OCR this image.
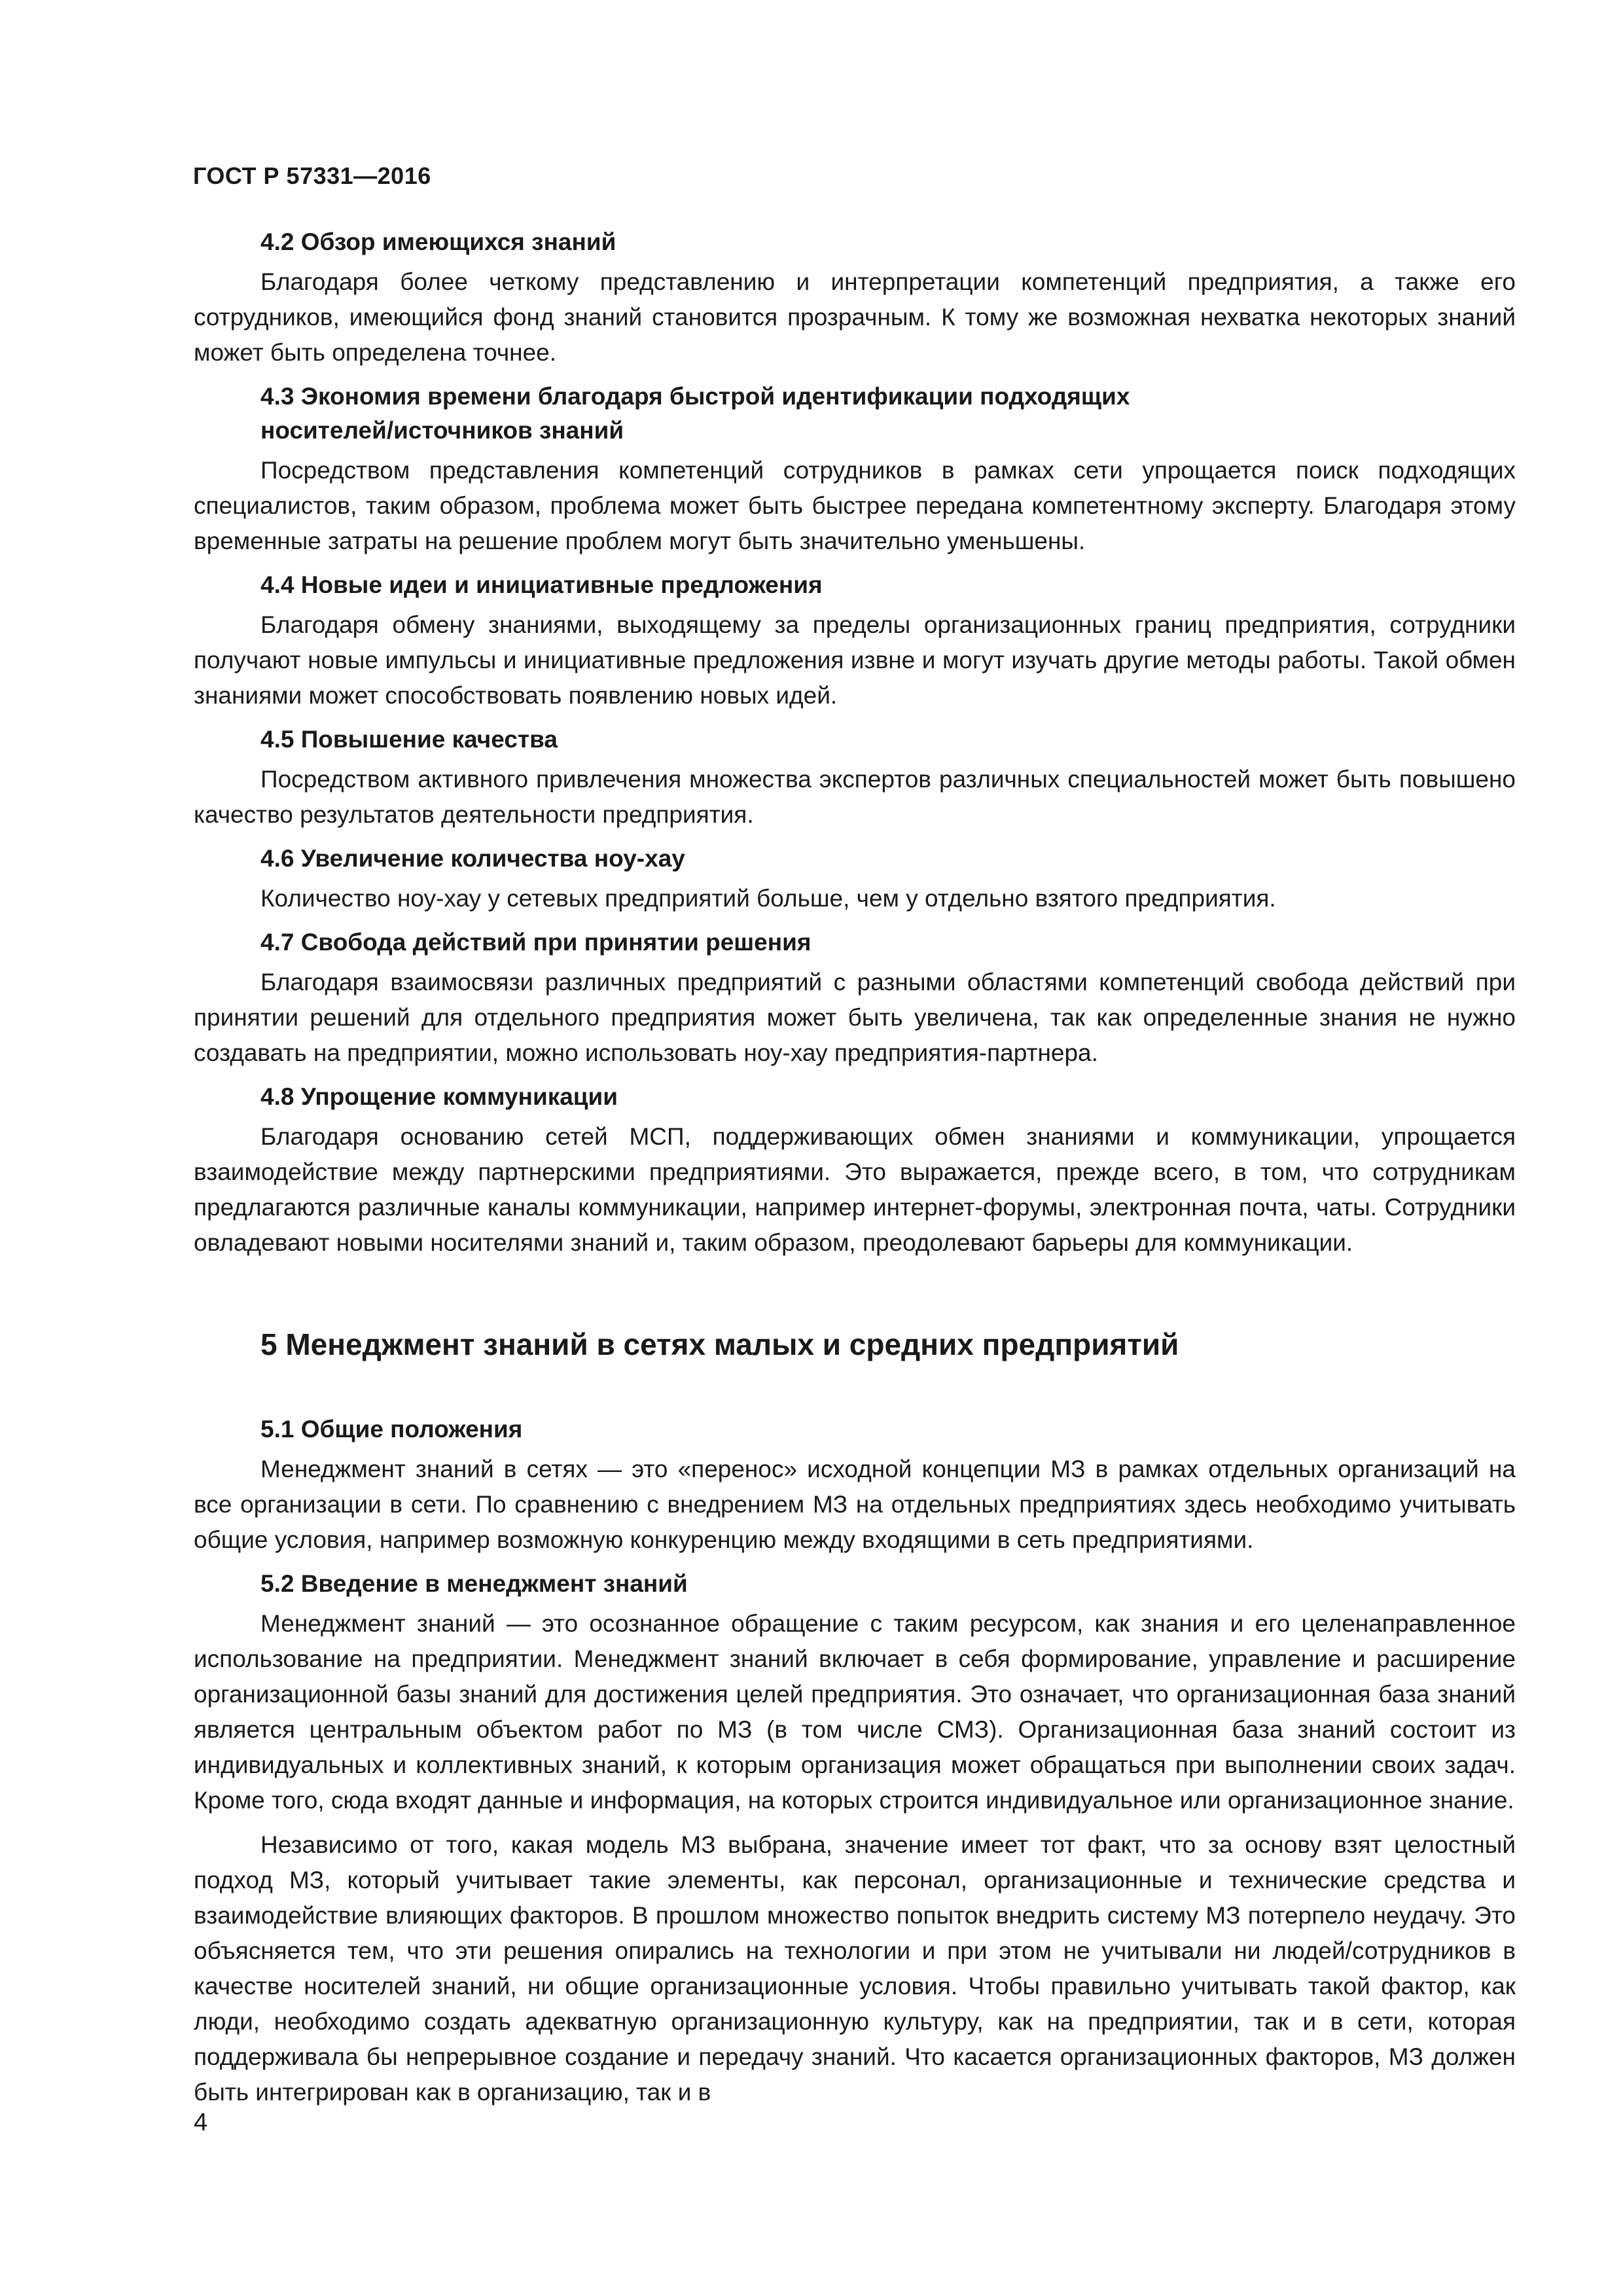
ГОСТ Р 57331—2016
4.2 Обзор имеющихся знаний
Благодаря более четкому представлению и интерпретации компетенций предприятия, а также его сотрудников, имеющийся фонд знаний становится прозрачным. К тому же возможная нехватка некоторых знаний может быть определена точнее.
4.3 Экономия времени благодаря быстрой идентификации подходящих
носителей/источников знаний
Посредством представления компетенций сотрудников в рамках сети упрощается поиск подходящих специалистов, таким образом, проблема может быть быстрее передана компетентному эксперту. Благодаря этому временные затраты на решение проблем могут быть значительно уменьшены.
4.4 Новые идеи и инициативные предложения
Благодаря обмену знаниями, выходящему за пределы организационных границ предприятия, сотрудники получают новые импульсы и инициативные предложения извне и могут изучать другие методы работы. Такой обмен знаниями может способствовать появлению новых идей.
4.5 Повышение качества
Посредством активного привлечения множества экспертов различных специальностей может быть повышено качество результатов деятельности предприятия.
4.6 Увеличение количества ноу-хау
Количество ноу-хау у сетевых предприятий больше, чем у отдельно взятого предприятия.
4.7 Свобода действий при принятии решения
Благодаря взаимосвязи различных предприятий с разными областями компетенций свобода действий при принятии решений для отдельного предприятия может быть увеличена, так как определенные знания не нужно создавать на предприятии, можно использовать ноу-хау предприятия-партнера.
4.8 Упрощение коммуникации
Благодаря основанию сетей МСП, поддерживающих обмен знаниями и коммуникации, упрощается взаимодействие между партнерскими предприятиями. Это выражается, прежде всего, в том, что сотрудникам предлагаются различные каналы коммуникации, например интернет-форумы, электронная почта, чаты. Сотрудники овладевают новыми носителями знаний и, таким образом, преодолевают барьеры для коммуникации.
5 Менеджмент знаний в сетях малых и средних предприятий
5.1 Общие положения
Менеджмент знаний в сетях — это «перенос» исходной концепции МЗ в рамках отдельных организаций на все организации в сети. По сравнению с внедрением МЗ на отдельных предприятиях здесь необходимо учитывать общие условия, например возможную конкуренцию между входящими в сеть предприятиями.
5.2 Введение в менеджмент знаний
Менеджмент знаний — это осознанное обращение с таким ресурсом, как знания и его целенаправленное использование на предприятии. Менеджмент знаний включает в себя формирование, управление и расширение организационной базы знаний для достижения целей предприятия. Это означает, что организационная база знаний является центральным объектом работ по МЗ (в том числе СМЗ). Организационная база знаний состоит из индивидуальных и коллективных знаний, к которым организация может обращаться при выполнении своих задач. Кроме того, сюда входят данные и информация, на которых строится индивидуальное или организационное знание.
Независимо от того, какая модель МЗ выбрана, значение имеет тот факт, что за основу взят целостный подход МЗ, который учитывает такие элементы, как персонал, организационные и технические средства и взаимодействие влияющих факторов. В прошлом множество попыток внедрить систему МЗ потерпело неудачу. Это объясняется тем, что эти решения опирались на технологии и при этом не учитывали ни людей/сотрудников в качестве носителей знаний, ни общие организационные условия. Чтобы правильно учитывать такой фактор, как люди, необходимо создать адекватную организационную культуру, как на предприятии, так и в сети, которая поддерживала бы непрерывное создание и передачу знаний. Что касается организационных факторов, МЗ должен быть интегрирован как в организацию, так и в
4
